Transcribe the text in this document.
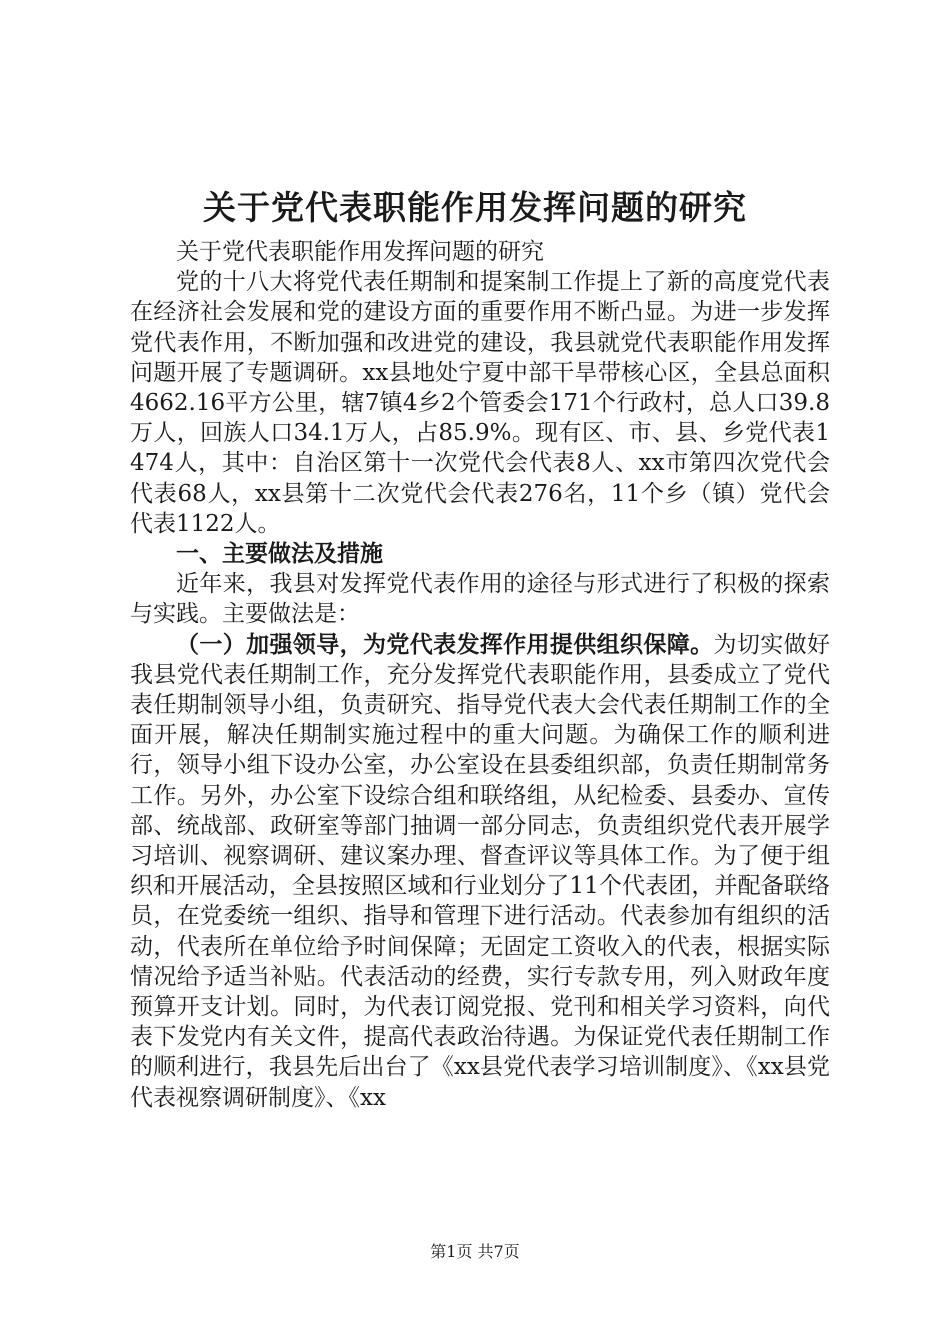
关于党代表职能作用发挥问题的研究

关于党代表职能作用发挥问题的研究

党的十八大将党代表任期制和提案制工作提上了新的高度党代表在经济社会发展和党的建设方面的重要作用不断凸显。为进一步发挥党代表作用，不断加强和改进党的建设，我县就党代表职能作用发挥问题开展了专题调研。xx县地处宁夏中部干旱带核心区，全县总面积4662.16平方公里，辖7镇4乡2个管委会171个行政村，总人口39.8万人，回族人口34.1万人，占85.9%。现有区、市、县、乡党代表1474人，其中：自治区第十一次党代会代表8人、xx市第四次党代会代表68人，xx县第十二次党代会代表276名，11个乡（镇）党代会代表1122人。

一、主要做法及措施

近年来，我县对发挥党代表作用的途径与形式进行了积极的探索与实践。主要做法是：

（一）加强领导，为党代表发挥作用提供组织保障。为切实做好我县党代表任期制工作，充分发挥党代表职能作用，县委成立了党代表任期制领导小组，负责研究、指导党代表大会代表任期制工作的全面开展，解决任期制实施过程中的重大问题。为确保工作的顺利进行，领导小组下设办公室，办公室设在县委组织部，负责任期制常务工作。另外，办公室下设综合组和联络组，从纪检委、县委办、宣传部、统战部、政研室等部门抽调一部分同志，负责组织党代表开展学习培训、视察调研、建议案办理、督查评议等具体工作。为了便于组织和开展活动，全县按照区域和行业划分了11个代表团，并配备联络员，在党委统一组织、指导和管理下进行活动。代表参加有组织的活动，代表所在单位给予时间保障；无固定工资收入的代表，根据实际情况给予适当补贴。代表活动的经费，实行专款专用，列入财政年度预算开支计划。同时，为代表订阅党报、党刊和相关学习资料，向代表下发党内有关文件，提高代表政治待遇。为保证党代表任期制工作的顺利进行，我县先后出台了《xx县党代表学习培训制度》、《xx县党代表视察调研制度》、《xx

第1页 共7页
